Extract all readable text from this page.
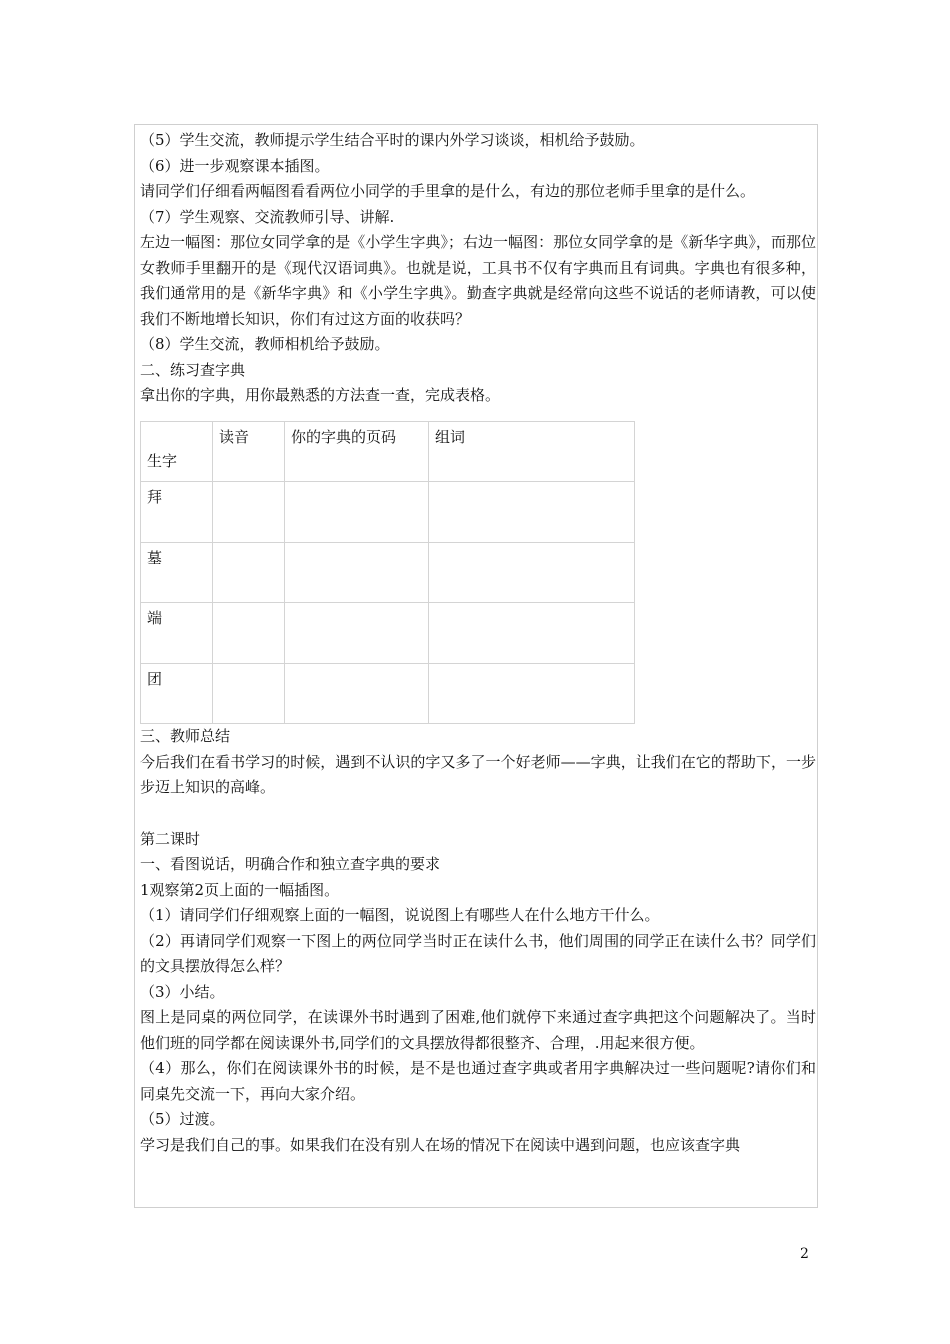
（5）学生交流，教师提示学生结合平时的课内外学习谈谈，相机给予鼓励。

（6）进一步观察课本插图。

请同学们仔细看两幅图看看两位小同学的手里拿的是什么，有边的那位老师手里拿的是什么。

（7）学生观察、交流教师引导、讲解.

左边一幅图：那位女同学拿的是《小学生字典》；右边一幅图：那位女同学拿的是《新华字典》，而那位女教师手里翻开的是《现代汉语词典》。也就是说，工具书不仅有字典而且有词典。字典也有很多种，我们通常用的是《新华字典》和《小学生字典》。勤查字典就是经常向这些不说话的老师请教，可以使我们不断地增长知识，你们有过这方面的收获吗？

（8）学生交流，教师相机给予鼓励。

二、练习查字典

拿出你的字典，用你最熟悉的方法查一查，完成表格。

生字	读音	你的字典的页码	组词
拜			
墓			
端			
团			

三、教师总结

今后我们在看书学习的时候，遇到不认识的字又多了一个好老师——字典，让我们在它的帮助下，一步步迈上知识的高峰。

第二课时

一、看图说话，明确合作和独立查字典的要求

1观察第2页上面的一幅插图。

（1）请同学们仔细观察上面的一幅图，说说图上有哪些人在什么地方干什么。

（2）再请同学们观察一下图上的两位同学当时正在读什么书，他们周围的同学正在读什么书？同学们的文具摆放得怎么样？

（3）小结。

图上是同桌的两位同学，在读课外书时遇到了困难,他们就停下来通过查字典把这个问题解决了。当时他们班的同学都在阅读课外书,同学们的文具摆放得都很整齐、合理，.用起来很方便。

（4）那么，你们在阅读课外书的时候，是不是也通过查字典或者用字典解决过一些问题呢?请你们和同桌先交流一下，再向大家介绍。

（5）过渡。

学习是我们自己的事。如果我们在没有别人在场的情况下在阅读中遇到问题，也应该查字典

2
